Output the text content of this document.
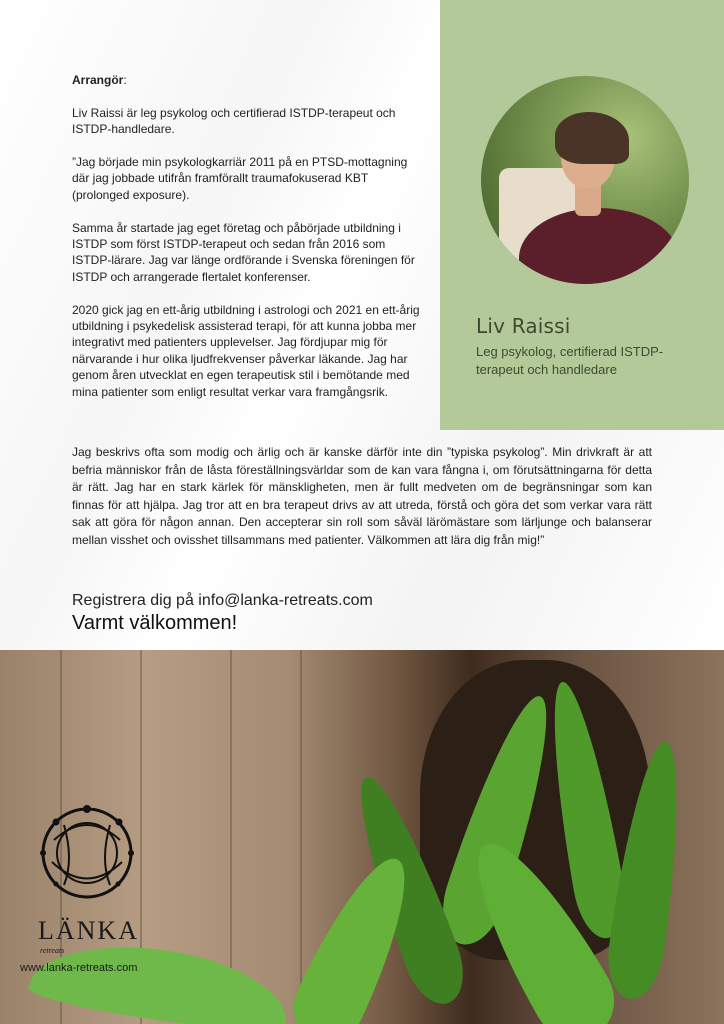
Arrangör:

Liv Raissi är leg psykolog och certifierad ISTDP-terapeut och ISTDP-handledare.

”Jag började min psykologkarriär 2011 på en PTSD-mottagning där jag jobbade utifrån framförallt traumafokuserad KBT (prolonged exposure).

Samma år startade jag eget företag och påbörjade utbildning i ISTDP som först ISTDP-terapeut och sedan från 2016 som ISTDP-lärare. Jag var länge ordförande i Svenska föreningen för ISTDP och arrangerade flertalet konferenser.

2020 gick jag en ett-årig utbildning i astrologi och 2021 en ett-årig utbildning i psykedelisk assisterad terapi, för att kunna jobba mer integrativt med patienters upplevelser. Jag fördjupar mig för närvarande i hur olika ljudfrekvenser påverkar läkande. Jag har genom åren utvecklat en egen terapeutisk stil i bemötande med mina patienter som enligt resultat verkar vara framgångsrik.

Liv Raissi
Leg psykolog, certifierad ISTDP-terapeut och handledare

Jag beskrivs ofta som modig och ärlig och är kanske därför inte din ”typiska psykolog”. Min drivkraft är att befria människor från de låsta föreställningsvärldar som de kan vara fångna i, om förutsättningarna för detta är rätt. Jag har en stark kärlek för mänskligheten, men är fullt medveten om de begränsningar som kan finnas för att hjälpa. Jag tror att en bra terapeut drivs av att utreda, förstå och göra det som verkar vara rätt sak att göra för någon annan. Den accepterar sin roll som såväl lärömästare som lärljunge och balanserar mellan visshet och ovisshet tillsammans med patienter. Välkommen att lära dig från mig!”

Registrera dig på info@lanka-retreats.com
Varmt välkommen!
LÄNKA
retreats
www.lanka-retreats.com
